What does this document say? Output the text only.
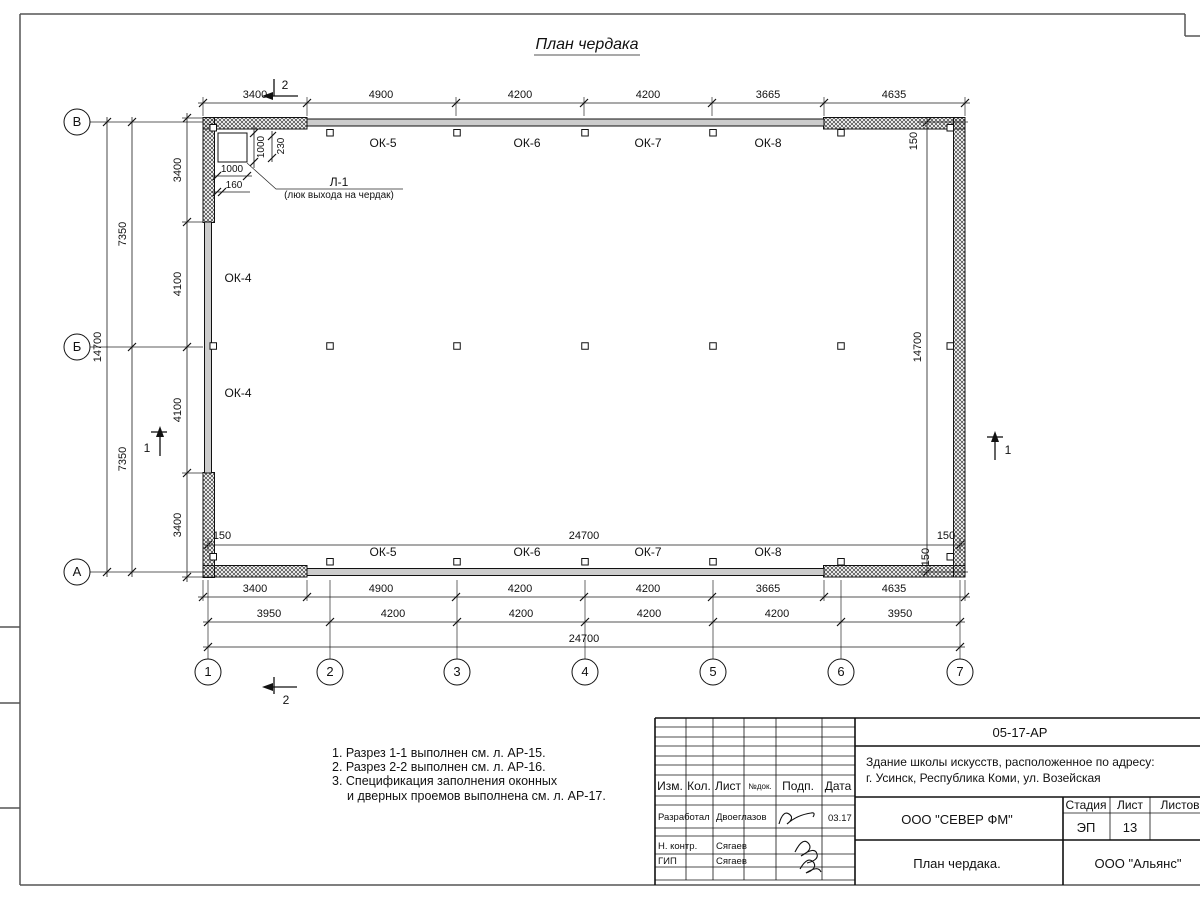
План чердака
1000 230
1000
160	Л-1
(люк выхода на чердак)
2
2
1	1
1	2	3	4	5	6	7
В
Б
А
3400	4900	4200	4200	3665	4635
3400	4900	4200	4200	3665	4635
3950	4200	4200	4200	4200	3950
24700
150	24700	150
3400
4100
4100
3400
7350
7350
14700	14700
150
150
ОК-5	ОК-6	ОК-7	ОК-8
ОК-5	ОК-6	ОК-7	ОК-8
ОК-4
ОК-4
1. Разрез 1-1 выполнен см. л. АР-15.
2. Разрез 2-2 выполнен см. л. АР-16.
3. Спецификация заполнения оконных
и дверных проемов выполнена см. л. АР-17.
Изм. Кол. Лист №док. Подп. Дата
Разработал Двоеглазов	03.17
Н. контр. Сягаев
ГИП	Сягаев
05-17-АР
Здание школы искусств, расположенное по адресу:
г. Усинск, Республика Коми, ул. Возейская
ООО "СЕВЕР ФМ"
Стадия Лист Листов
ЭП 13
План чердака.	ООО "Альянс"
